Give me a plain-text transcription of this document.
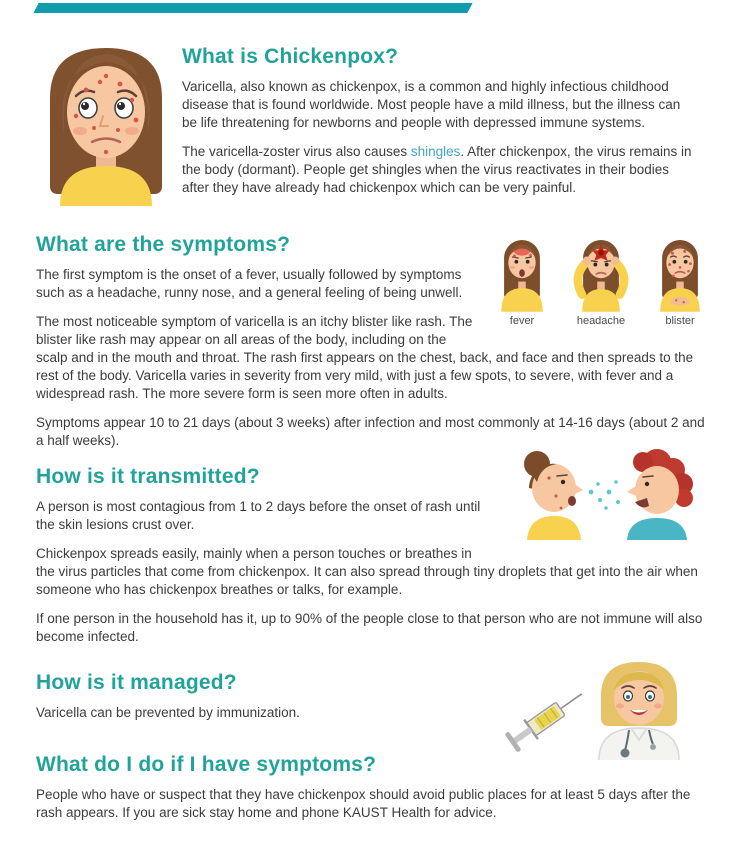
What is Chickenpox?

Varicella, also known as chickenpox, is a common and highly infectious childhood disease that is found worldwide. Most people have a mild illness, but the illness can be life threatening for newborns and people with depressed immune systems.

The varicella-zoster virus also causes shingles. After chickenpox, the virus remains in the body (dormant). People get shingles when the virus reactivates in their bodies after they have already had chickenpox which can be very painful.

fever	headache	blister
What are the symptoms?

The first symptom is the onset of a fever, usually followed by symptoms such as a headache, runny nose, and a general feeling of being unwell.

The most noticeable symptom of varicella is an itchy blister like rash. The blister like rash may appear on all areas of the body, including on the scalp and in the mouth and throat. The rash first appears on the chest, back, and face and then spreads to the rest of the body. Varicella varies in severity from very mild, with just a few spots, to severe, with fever and a widespread rash. The more severe form is seen more often in adults.

Symptoms appear 10 to 21 days (about 3 weeks) after infection and most commonly at 14-16 days (about 2 and a half weeks).

How is it transmitted?

A person is most contagious from 1 to 2 days before the onset of rash until the skin lesions crust over.

Chickenpox spreads easily, mainly when a person touches or breathes in the virus particles that come from chickenpox. It can also spread through tiny droplets that get into the air when someone who has chickenpox breathes or talks, for example.

If one person in the household has it, up to 90% of the people close to that person who are not immune will also become infected.

How is it managed?

Varicella can be prevented by immunization.

What do I do if I have symptoms?

People who have or suspect that they have chickenpox should avoid public places for at least 5 days after the rash appears. If you are sick stay home and phone KAUST Health for advice.
